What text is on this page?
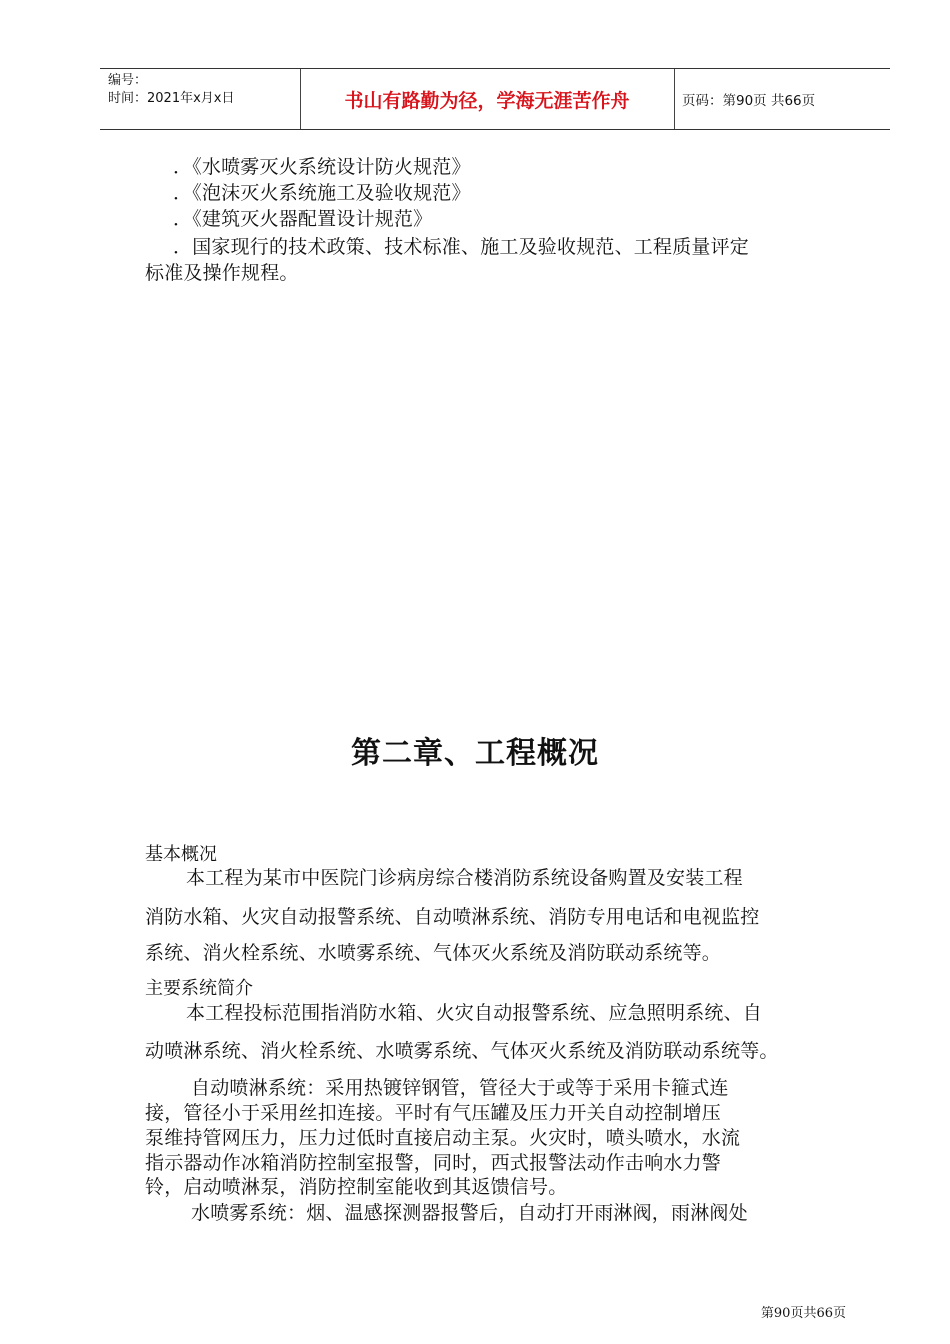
编号：
时间：2021年x月x日	书山有路勤为径，学海无涯苦作舟	页码：第90页 共66页
．《水喷雾灭火系统设计防火规范》
．《泡沫灭火系统施工及验收规范》
．《建筑灭火器配置设计规范》
．国家现行的技术政策、技术标准、施工及验收规范、工程质量评定
标准及操作规程。
第二章、工程概况
基本概况
本工程为某市中医院门诊病房综合楼消防系统设备购置及安装工程
消防水箱、火灾自动报警系统、自动喷淋系统、消防专用电话和电视监控
系统、消火栓系统、水喷雾系统、气体灭火系统及消防联动系统等。
主要系统简介
本工程投标范围指消防水箱、火灾自动报警系统、应急照明系统、自
动喷淋系统、消火栓系统、水喷雾系统、气体灭火系统及消防联动系统等。
自动喷淋系统：采用热镀锌钢管，管径大于或等于采用卡箍式连
接，管径小于采用丝扣连接。平时有气压罐及压力开关自动控制增压
泵维持管网压力，压力过低时直接启动主泵。火灾时，喷头喷水，水流
指示器动作冰箱消防控制室报警，同时，西式报警法动作击响水力警
铃，启动喷淋泵，消防控制室能收到其返馈信号。
水喷雾系统：烟、温感探测器报警后，自动打开雨淋阀，雨淋阀处
第90页共66页
